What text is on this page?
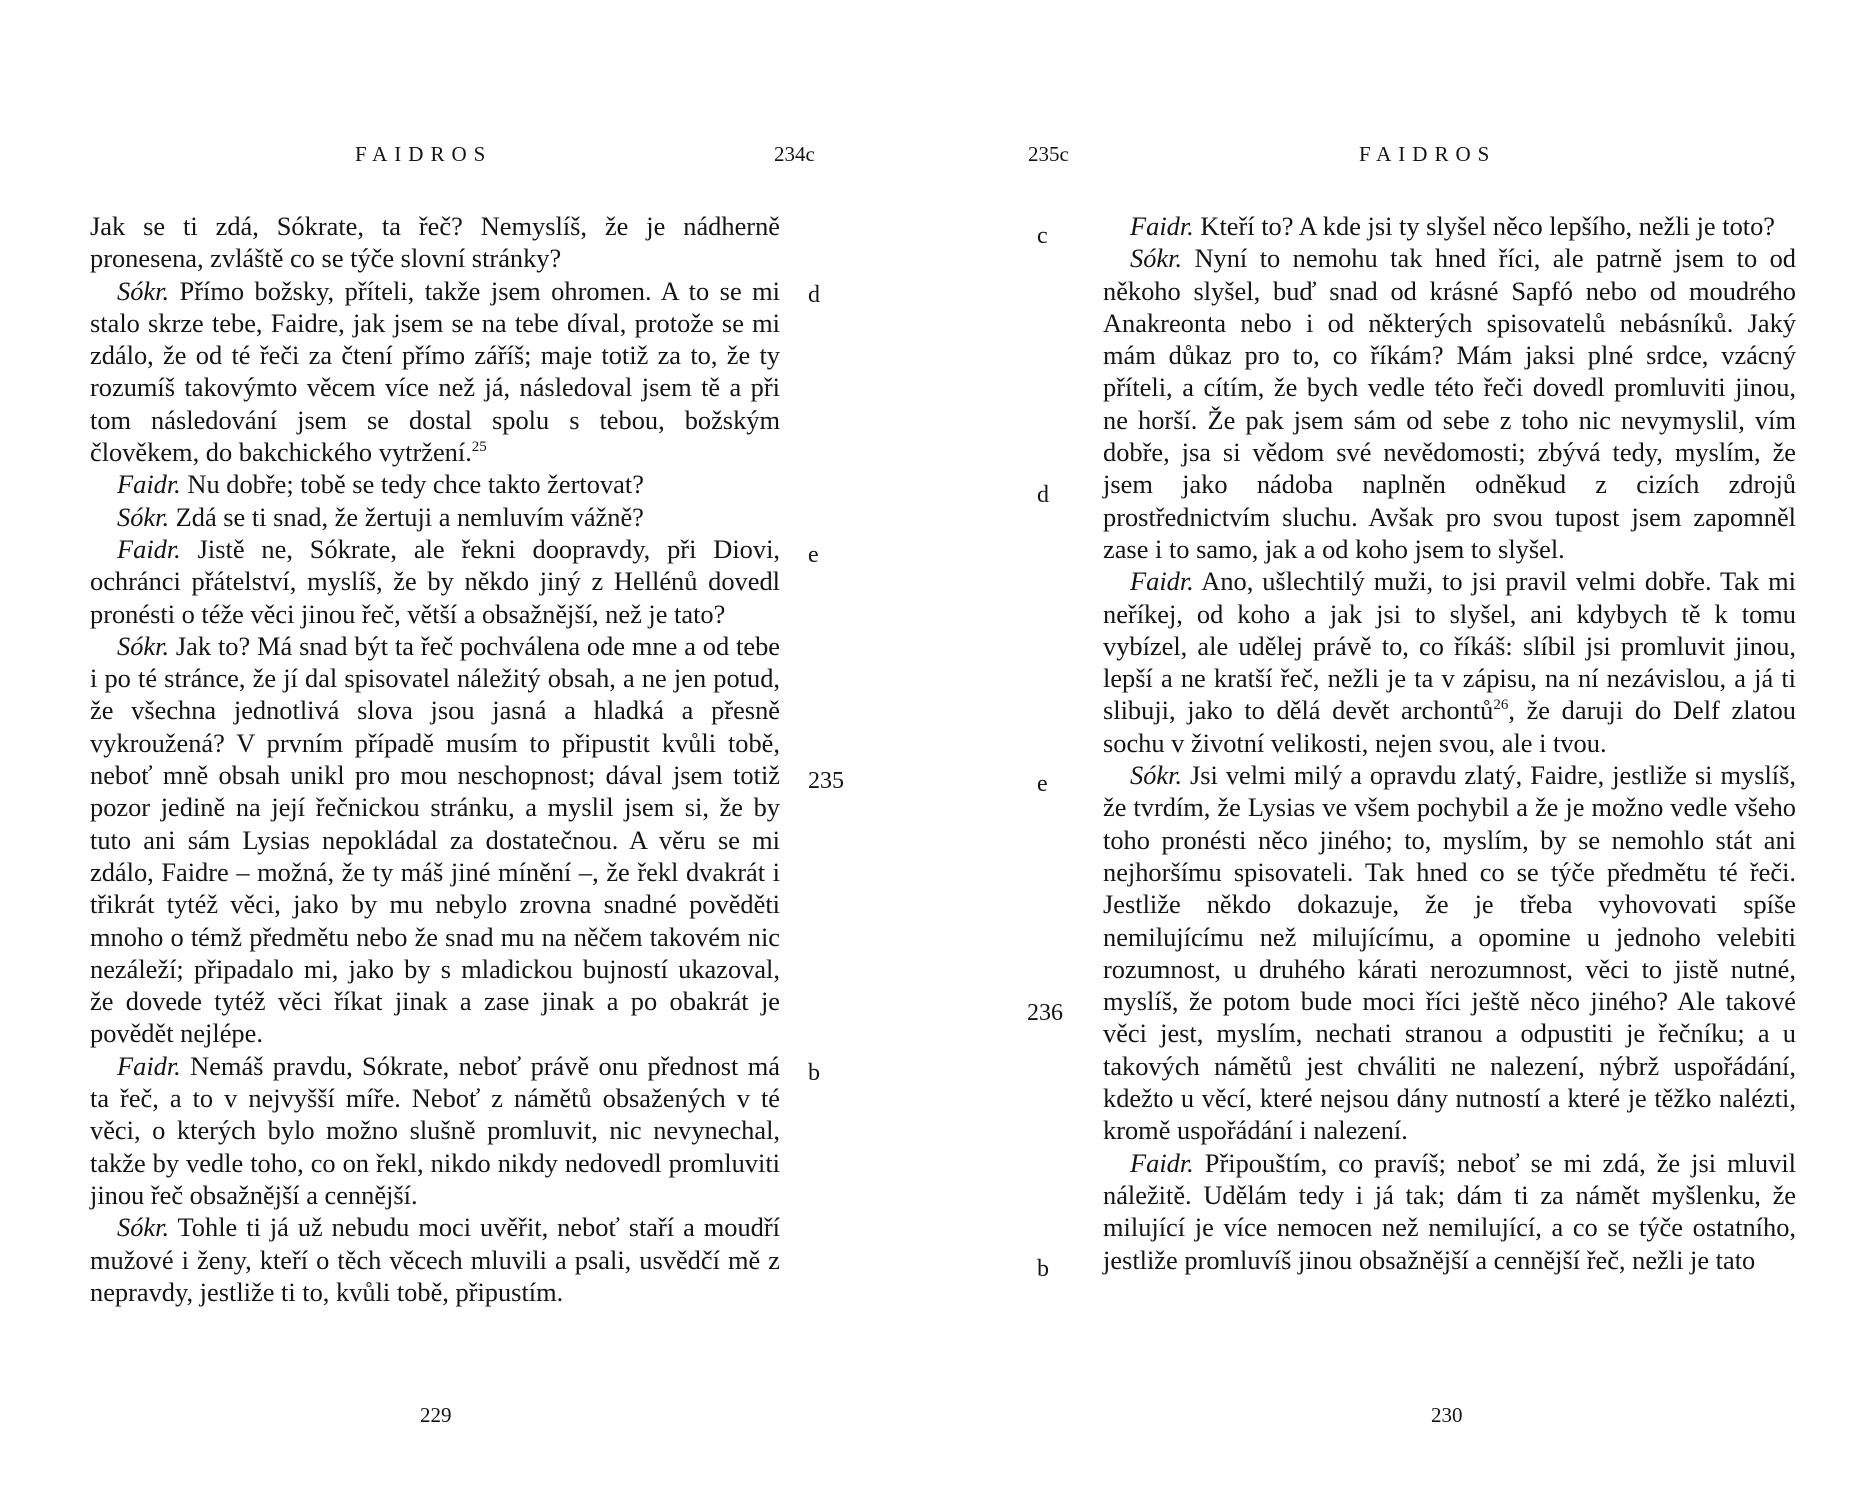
FAIDROS	234c

Jak se ti zdá, Sókrate, ta řeč? Nemyslíš, že je nádherně pronesena, zvláště co se týče slovní stránky?

Sókr. Přímo božsky, příteli, takže jsem ohromen. A to se mi stalo skrze tebe, Faidre, jak jsem se na tebe díval, protože se mi zdálo, že od té řeči za čtení přímo záříš; maje totiž za to, že ty rozumíš takovýmto věcem více než já, následoval jsem tě a při tom následování jsem se dostal spolu s tebou, božským člověkem, do bakchického vytržení.$^{25}$

Faidr. Nu dobře; tobě se tedy chce takto žertovat?

Sókr. Zdá se ti snad, že žertuji a nemluvím vážně?

Faidr. Jistě ne, Sókrate, ale řekni doopravdy, při Diovi, ochránci přátelství, myslíš, že by někdo jiný z Hellénů dovedl pronésti o téže věci jinou řeč, větší a obsažnější, než je tato?

Sókr. Jak to? Má snad být ta řeč pochválena ode mne a od tebe i po té stránce, že jí dal spisovatel náležitý obsah, a ne jen potud, že všechna jednotlivá slova jsou jasná a hladká a přesně vykroužená? V prvním případě musím to připustit kvůli tobě, neboť mně obsah unikl pro mou neschopnost; dával jsem totiž pozor jedině na její řečnickou stránku, a myslil jsem si, že by tuto ani sám Lysias nepokládal za dostatečnou. A věru se mi zdálo, Faidre – možná, že ty máš jiné mínění –, že řekl dvakrát i třikrát tytéž věci, jako by mu nebylo zrovna snadné pověděti mnoho o témž předmětu nebo že snad mu na něčem takovém nic nezáleží; připadalo mi, jako by s mladickou bujností ukazoval, že dovede tytéž věci říkat jinak a zase jinak a po obakrát je povědět nejlépe.

Faidr. Nemáš pravdu, Sókrate, neboť právě onu přednost má ta řeč, a to v nejvyšší míře. Neboť z námětů obsažených v té věci, o kterých bylo možno slušně promluvit, nic nevynechal, takže by vedle toho, co on řekl, nikdo nikdy nedovedl promluviti jinou řeč obsažnější a cennější.

Sókr. Tohle ti já už nebudu moci uvěřit, neboť staří a moudří mužové i ženy, kteří o těch věcech mluvili a psali, usvědčí mě z nepravdy, jestliže ti to, kvůli tobě, připustím.

d
e
235
b
229
235c	FAIDROS

Faidr. Kteří to? A kde jsi ty slyšel něco lepšího, nežli je toto?

Sókr. Nyní to nemohu tak hned říci, ale patrně jsem to od někoho slyšel, buď snad od krásné Sapfó nebo od moudrého Anakreonta nebo i od některých spisovatelů nebásníků. Jaký mám důkaz pro to, co říkám? Mám jaksi plné srdce, vzácný příteli, a cítím, že bych vedle této řeči dovedl promluviti jinou, ne horší. Že pak jsem sám od sebe z toho nic nevymyslil, vím dobře, jsa si vědom své nevědomosti; zbývá tedy, myslím, že jsem jako nádoba naplněn odněkud z cizích zdrojů prostřednictvím sluchu. Avšak pro svou tupost jsem zapomněl zase i to samo, jak a od koho jsem to slyšel.

Faidr. Ano, ušlechtilý muži, to jsi pravil velmi dobře. Tak mi neříkej, od koho a jak jsi to slyšel, ani kdybych tě k tomu vybízel, ale udělej právě to, co říkáš: slíbil jsi promluvit jinou, lepší a ne kratší řeč, nežli je ta v zápisu, na ní nezávislou, a já ti slibuji, jako to dělá devět archontů$^{26}$, že daruji do Delf zlatou sochu v životní velikosti, nejen svou, ale i tvou.

Sókr. Jsi velmi milý a opravdu zlatý, Faidre, jestliže si myslíš, že tvrdím, že Lysias ve všem pochybil a že je možno vedle všeho toho pronésti něco jiného; to, myslím, by se nemohlo stát ani nejhoršímu spisovateli. Tak hned co se týče předmětu té řeči. Jestliže někdo dokazuje, že je třeba vyhovovati spíše nemilujícímu než milujícímu, a opomine u jednoho velebiti rozumnost, u druhého kárati nerozumnost, věci to jistě nutné, myslíš, že potom bude moci říci ještě něco jiného? Ale takové věci jest, myslím, nechati stranou a odpustiti je řečníku; a u takových námětů jest chváliti ne nalezení, nýbrž uspořádání, kdežto u věcí, které nejsou dány nutností a které je těžko nalézti, kromě uspořádání i nalezení.

Faidr. Připouštím, co pravíš; neboť se mi zdá, že jsi mluvil náležitě. Udělám tedy i já tak; dám ti za námět myšlenku, že milující je více nemocen než nemilující, a co se týče ostatního, jestliže promluvíš jinou obsažnější a cennější řeč, nežli je tato

c
d
e
236
b
230
